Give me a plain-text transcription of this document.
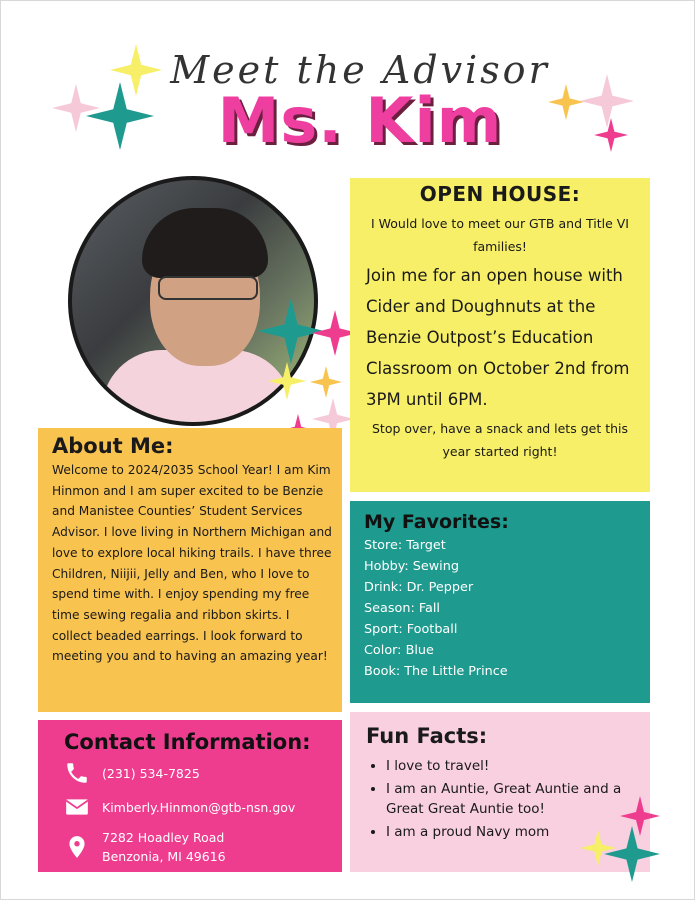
Meet the Advisor
Ms. Kim
OPEN HOUSE:
I Would love to meet our GTB and Title VI families!
Join me for an open house with Cider and Doughnuts at the Benzie Outpost’s Education Classroom on October 2nd from 3PM until 6PM.
Stop over, have a snack and lets get this year started right!
About Me:

Welcome to 2024/2035 School Year! I am Kim Hinmon and I am super excited to be Benzie and Manistee Counties’ Student Services Advisor. I love living in Northern Michigan and love to explore local hiking trails. I have three Children, Niijii, Jelly and Ben, who I love to spend time with. I enjoy spending my free time sewing regalia and ribbon skirts. I collect beaded earrings. I look forward to meeting you and to having an amazing year!

My Favorites:
Store: Target
Hobby: Sewing
Drink: Dr. Pepper
Season: Fall
Sport: Football
Color: Blue
Book: The Little Prince
Contact Information:
(231) 534-7825
Kimberly.Hinmon@gtb-nsn.gov
7282 Hoadley Road
Benzonia, MI 49616
Fun Facts:
• I love to travel!
• I am an Auntie, Great Auntie and a Great Great Auntie too!
• I am a proud Navy mom
